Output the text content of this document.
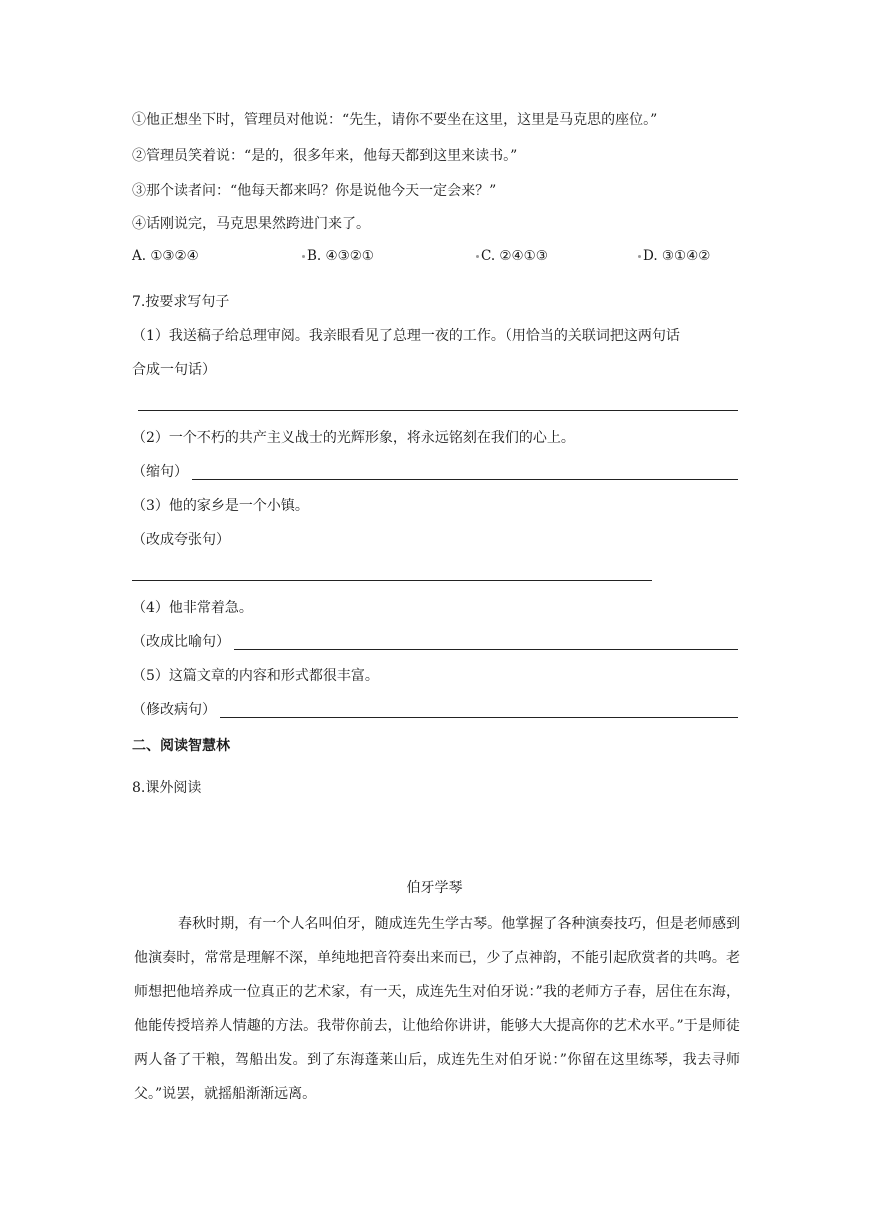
①他正想坐下时，管理员对他说：“先生，请你不要坐在这里，这里是马克思的座位。”
②管理员笑着说：“是的，很多年来，他每天都到这里来读书。”
③那个读者问：“他每天都来吗？你是说他今天一定会来？”
④话刚说完，马克思果然跨进门来了。
A. ①③②④	B. ④③②①	C. ②④①③	D. ③①④②
7.按要求写句子
（1）我送稿子给总理审阅。我亲眼看见了总理一夜的工作。（用恰当的关联词把这两句话
合成一句话）
（2）一个不朽的共产主义战士的光辉形象，将永远铭刻在我们的心上。
（缩句）
（3）他的家乡是一个小镇。
（改成夸张句）
（4）他非常着急。
（改成比喻句）
（5）这篇文章的内容和形式都很丰富。
（修改病句）
二、阅读智慧林
8.课外阅读
伯牙学琴
春秋时期，有一个人名叫伯牙，随成连先生学古琴。他掌握了各种演奏技巧，但是老师感到他演奏时，常常是理解不深，单纯地把音符奏出来而已，少了点神韵，不能引起欣赏者的共鸣。老师想把他培养成一位真正的艺术家，有一天，成连先生对伯牙说：”我的老师方子春，居住在东海，他能传授培养人情趣的方法。我带你前去，让他给你讲讲，能够大大提高你的艺术水平。”于是师徒两人备了干粮，驾船出发。到了东海蓬莱山后，成连先生对伯牙说：”你留在这里练琴，我去寻师父。”说罢，就摇船渐渐远离。
